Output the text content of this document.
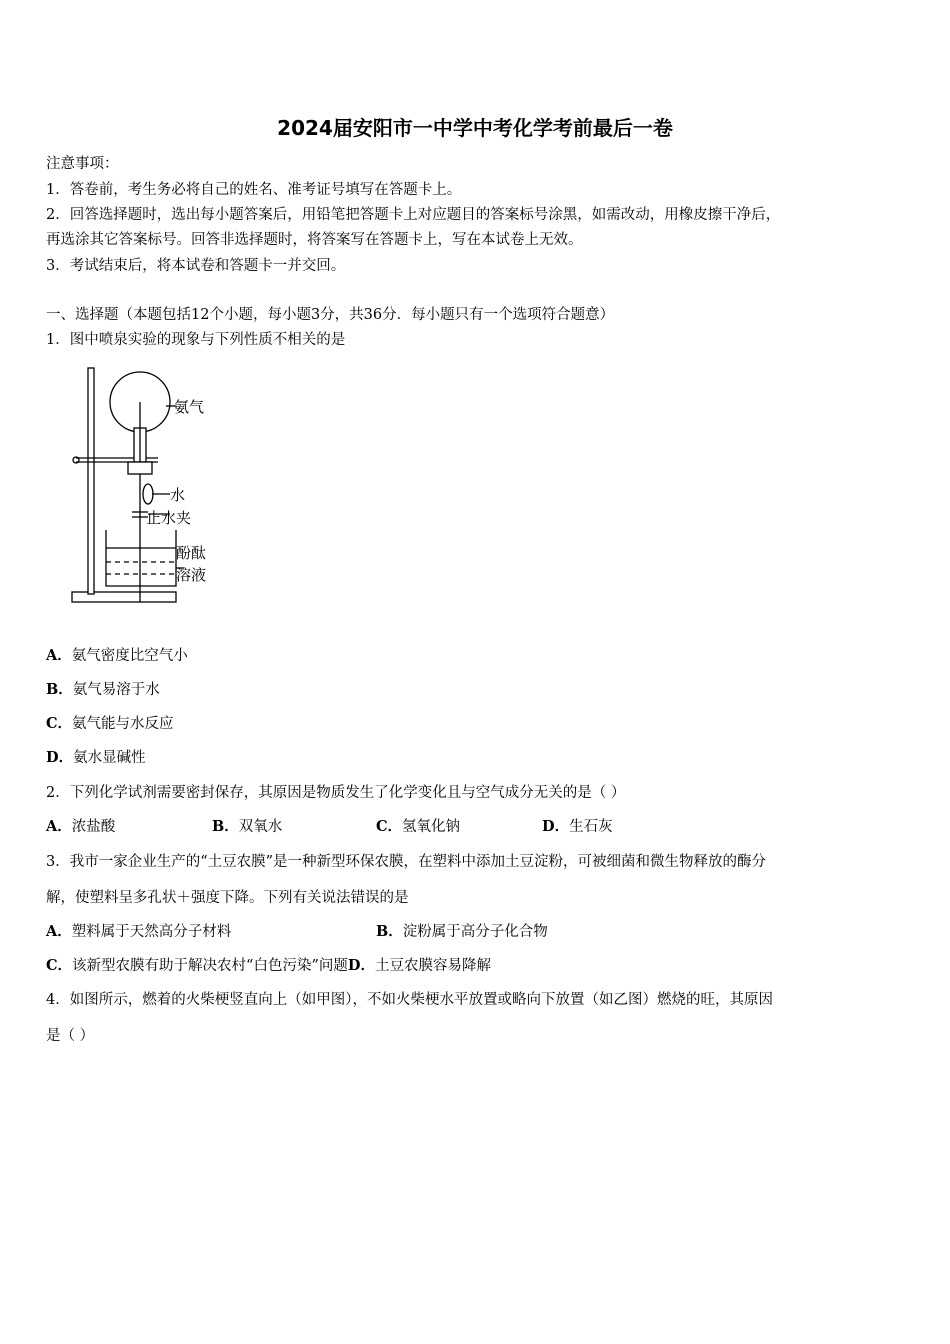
2024届安阳市一中学中考化学考前最后一卷
注意事项：
1．答卷前，考生务必将自己的姓名、准考证号填写在答题卡上。
2．回答选择题时，选出每小题答案后，用铅笔把答题卡上对应题目的答案标号涂黑，如需改动，用橡皮擦干净后，
再选涂其它答案标号。回答非选择题时，将答案写在答题卡上，写在本试卷上无效。
3．考试结束后，将本试卷和答题卡一并交回。
一、选择题（本题包括12个小题，每小题3分，共36分．每小题只有一个选项符合题意）
1．图中喷泉实验的现象与下列性质不相关的是
氨气
水
止水夹
酚酞
溶液
A．氨气密度比空气小
B．氨气易溶于水
C．氨气能与水反应
D．氨水显碱性
2．下列化学试剂需要密封保存，其原因是物质发生了化学变化且与空气成分无关的是（ ）
A．浓盐酸	B．双氧水	C．氢氧化钠	D．生石灰
3．我市一家企业生产的“土豆农膜”是一种新型环保农膜，在塑料中添加土豆淀粉，可被细菌和微生物释放的酶分
解，使塑料呈多孔状＋强度下降。下列有关说法错误的是
A．塑料属于天然高分子材料	B．淀粉属于高分子化合物
C．该新型农膜有助于解决农村“白色污染”问题D．土豆农膜容易降解
4．如图所示，燃着的火柴梗竖直向上（如甲图），不如火柴梗水平放置或略向下放置（如乙图）燃烧的旺，其原因
是（ ）
